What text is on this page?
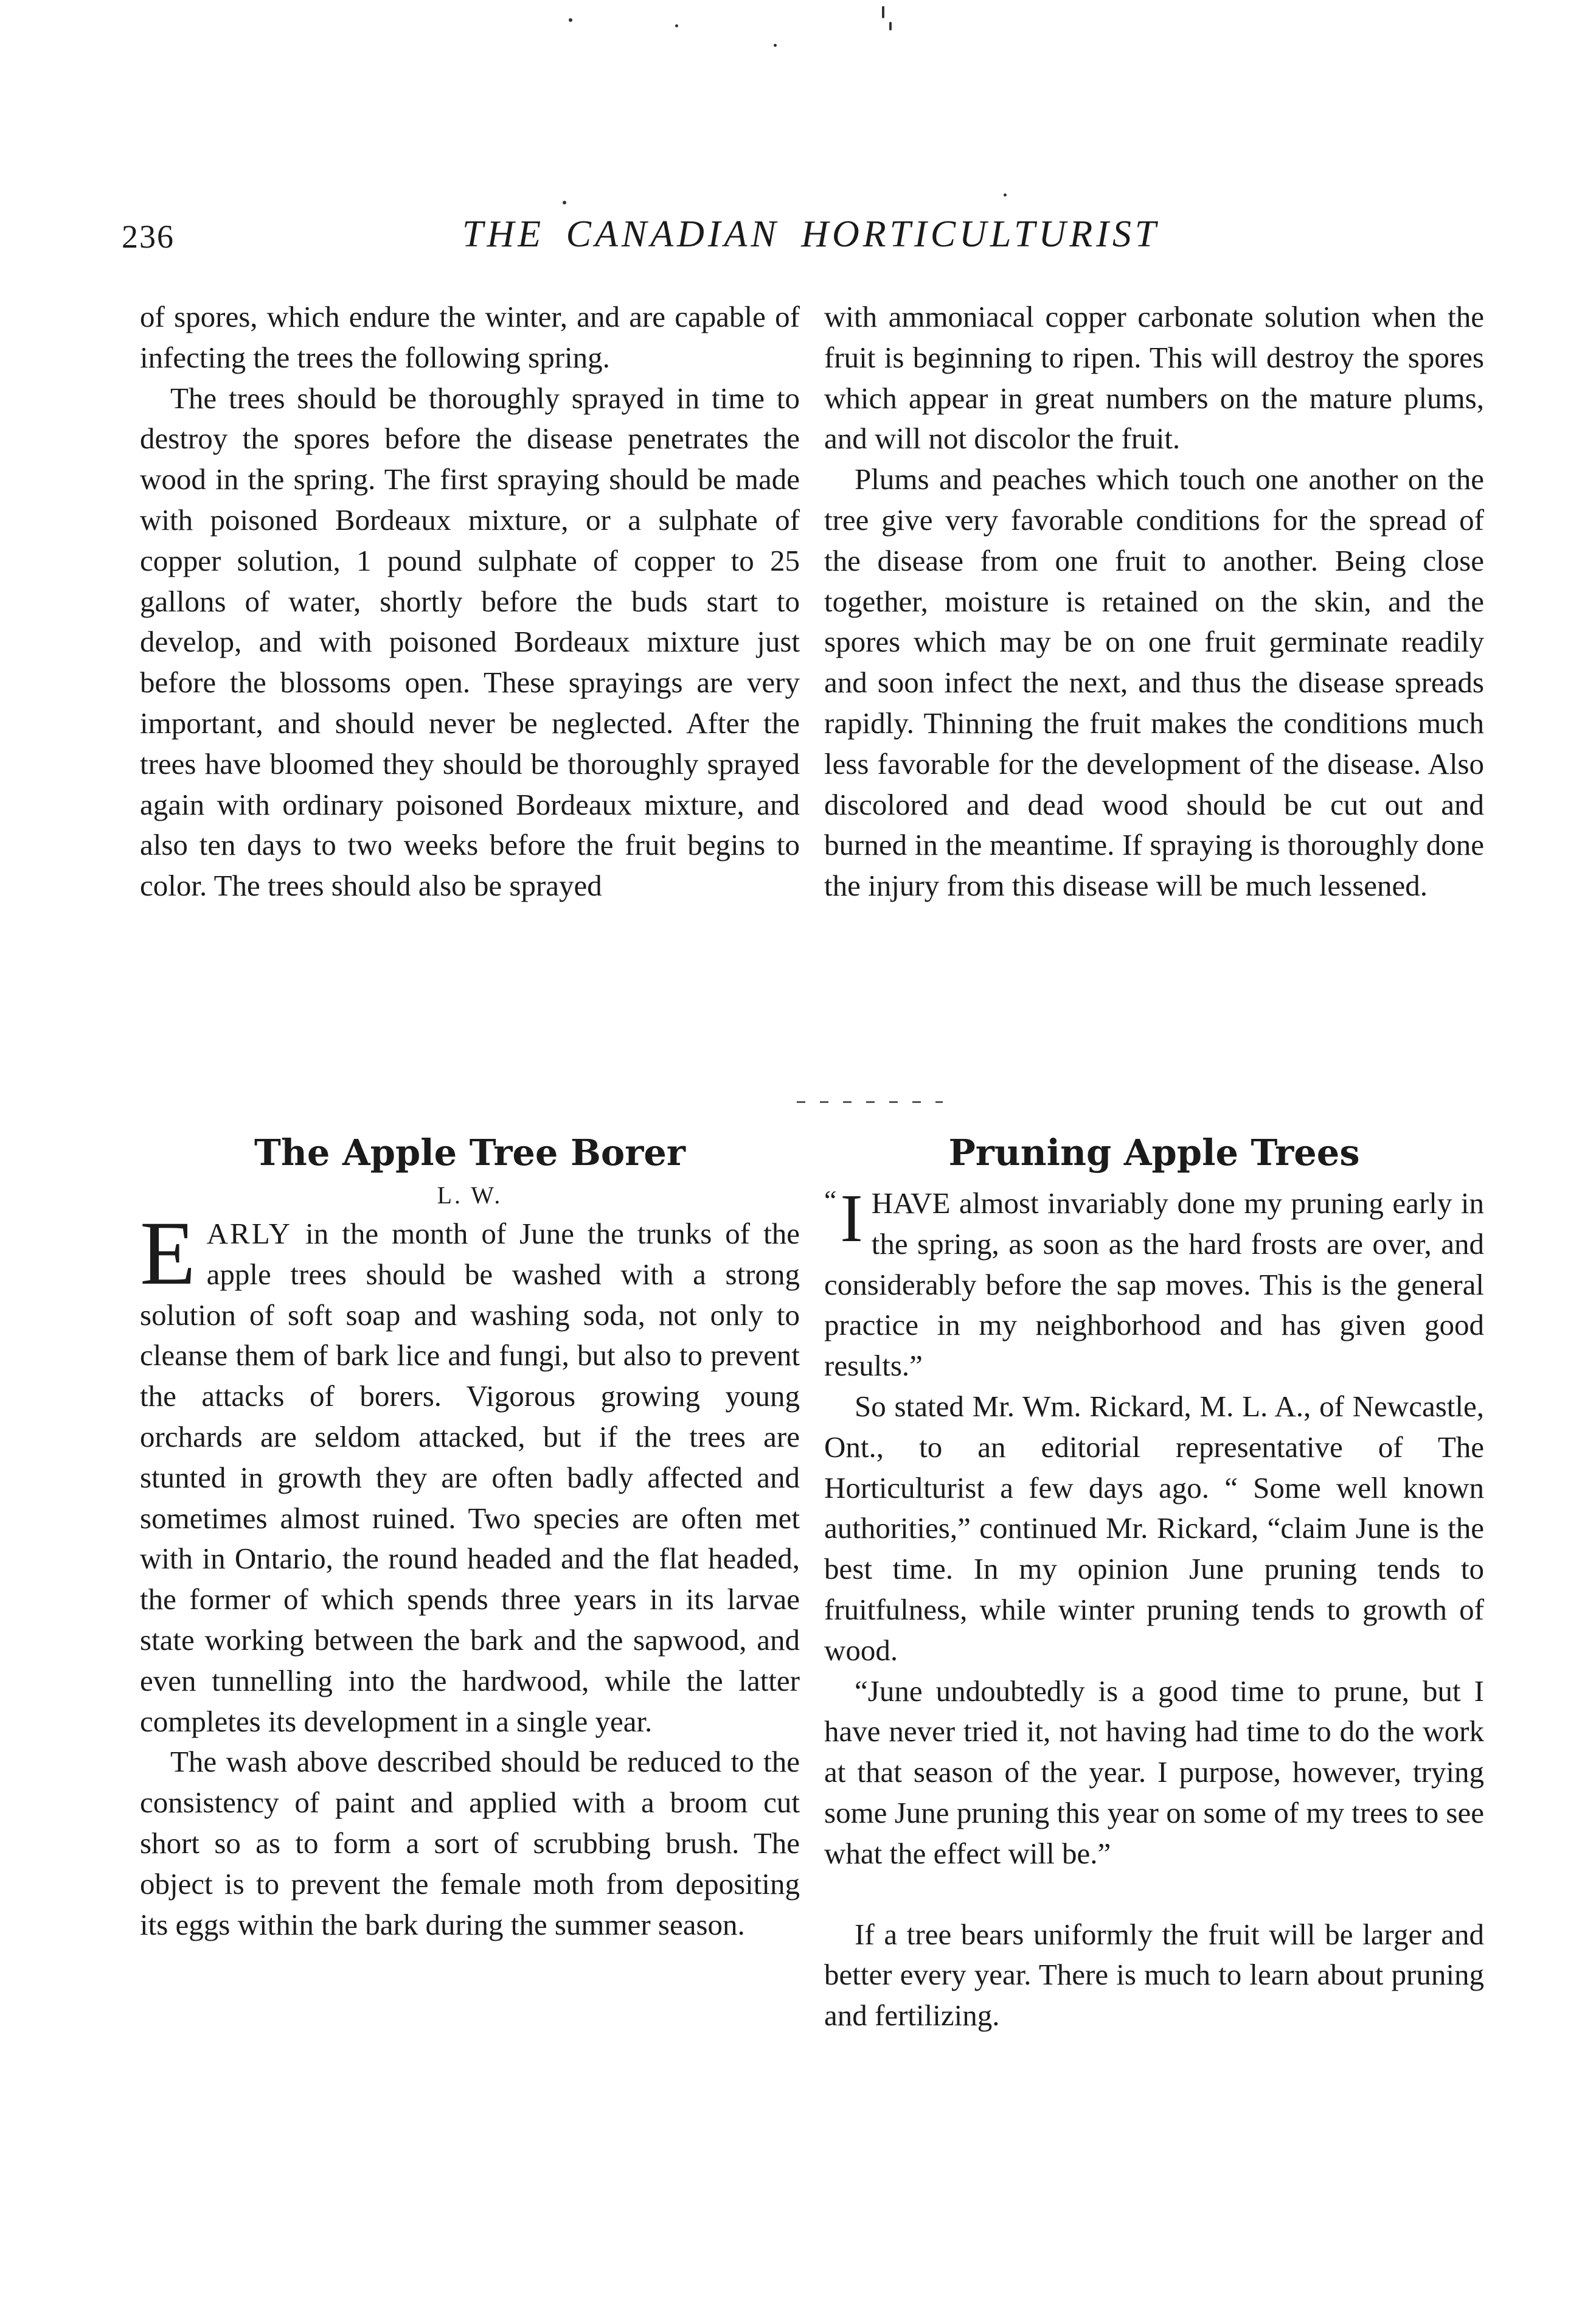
236	THE CANADIAN HORTICULTURIST

of spores, which endure the winter, and are capable of infecting the trees the following spring.

The trees should be thoroughly sprayed in time to destroy the spores before the disease penetrates the wood in the spring. The first spraying should be made with poisoned Bordeaux mixture, or a sulphate of copper solution, 1 pound sulphate of copper to 25 gallons of water, shortly before the buds start to develop, and with poisoned Bordeaux mixture just before the blossoms open. These sprayings are very important, and should never be neglected. After the trees have bloomed they should be thoroughly sprayed again with ordinary poisoned Bordeaux mixture, and also ten days to two weeks before the fruit begins to color. The trees should also be sprayed

with ammoniacal copper carbonate solution when the fruit is beginning to ripen. This will destroy the spores which appear in great numbers on the mature plums, and will not discolor the fruit.

Plums and peaches which touch one another on the tree give very favorable conditions for the spread of the disease from one fruit to another. Being close together, moisture is retained on the skin, and the spores which may be on one fruit germinate readily and soon infect the next, and thus the disease spreads rapidly. Thinning the fruit makes the conditions much less favorable for the development of the disease. Also discolored and dead wood should be cut out and burned in the meantime. If spraying is thoroughly done the injury from this disease will be much lessened.

The Apple Tree Borer

L. W.

EARLY in the month of June the trunks of the apple trees should be washed with a strong solution of soft soap and washing soda, not only to cleanse them of bark lice and fungi, but also to prevent the attacks of borers. Vigorous growing young orchards are seldom attacked, but if the trees are stunted in growth they are often badly affected and sometimes almost ruined. Two species are often met with in Ontario, the round headed and the flat headed, the former of which spends three years in its larvae state working between the bark and the sapwood, and even tunnelling into the hardwood, while the latter completes its development in a single year.

The wash above described should be reduced to the consistency of paint and applied with a broom cut short so as to form a sort of scrubbing brush. The object is to prevent the female moth from depositing its eggs within the bark during the summer season.

Pruning Apple Trees

“ I HAVE almost invariably done my pruning early in the spring, as soon as the hard frosts are over, and considerably before the sap moves. This is the general practice in my neighborhood and has given good results.”

So stated Mr. Wm. Rickard, M. L. A., of Newcastle, Ont., to an editorial representative of The Horticulturist a few days ago. “ Some well known authorities,” continued Mr. Rickard, “claim June is the best time. In my opinion June pruning tends to fruitfulness, while winter pruning tends to growth of wood.

“June undoubtedly is a good time to prune, but I have never tried it, not having had time to do the work at that season of the year. I purpose, however, trying some June pruning this year on some of my trees to see what the effect will be.”

If a tree bears uniformly the fruit will be larger and better every year. There is much to learn about pruning and fertilizing.
